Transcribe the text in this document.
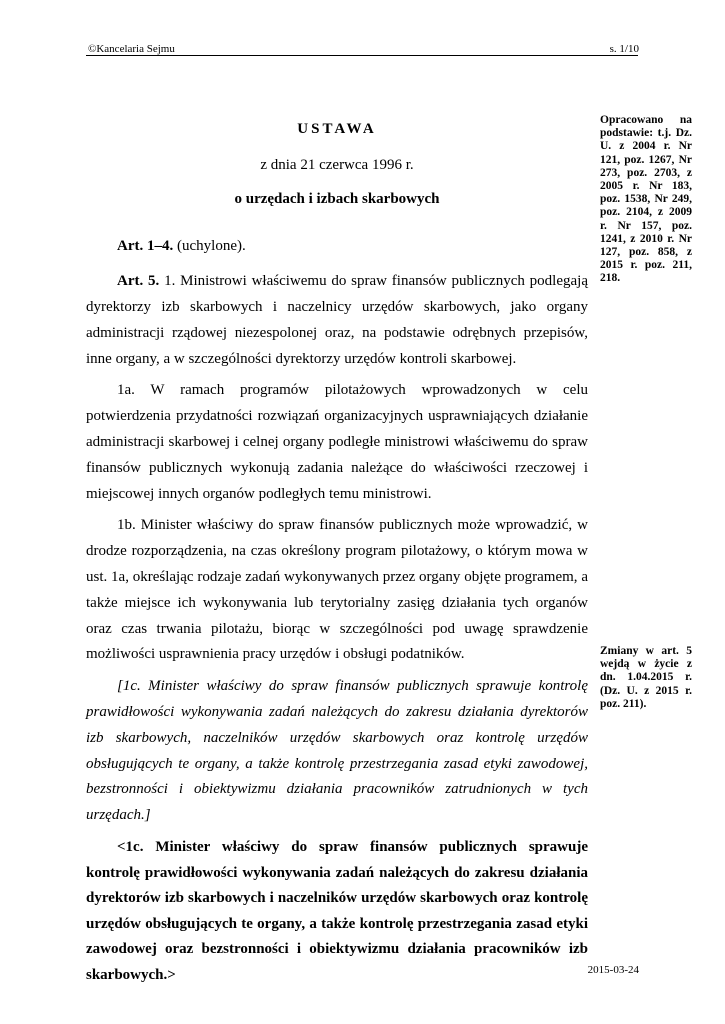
©Kancelaria Sejmu	s. 1/10

USTAWA

z dnia 21 czerwca 1996 r.

o urzędach i izbach skarbowych

Art. 1–4. (uchylone).

Art. 5. 1. Ministrowi właściwemu do spraw finansów publicznych podlegają dyrektorzy izb skarbowych i naczelnicy urzędów skarbowych, jako organy administracji rządowej niezespolonej oraz, na podstawie odrębnych przepisów, inne organy, a w szczególności dyrektorzy urzędów kontroli skarbowej.

1a. W ramach programów pilotażowych wprowadzonych w celu potwierdzenia przydatności rozwiązań organizacyjnych usprawniających działanie administracji skarbowej i celnej organy podległe ministrowi właściwemu do spraw finansów publicznych wykonują zadania należące do właściwości rzeczowej i miejscowej innych organów podległych temu ministrowi.

1b. Minister właściwy do spraw finansów publicznych może wprowadzić, w drodze rozporządzenia, na czas określony program pilotażowy, o którym mowa w ust. 1a, określając rodzaje zadań wykonywanych przez organy objęte programem, a także miejsce ich wykonywania lub terytorialny zasięg działania tych organów oraz czas trwania pilotażu, biorąc w szczególności pod uwagę sprawdzenie możliwości usprawnienia pracy urzędów i obsługi podatników.

[1c. Minister właściwy do spraw finansów publicznych sprawuje kontrolę prawidłowości wykonywania zadań należących do zakresu działania dyrektorów izb skarbowych, naczelników urzędów skarbowych oraz kontrolę urzędów obsługujących te organy, a także kontrolę przestrzegania zasad etyki zawodowej, bezstronności i obiektywizmu działania pracowników zatrudnionych w tych urzędach.]

<1c. Minister właściwy do spraw finansów publicznych sprawuje kontrolę prawidłowości wykonywania zadań należących do zakresu działania dyrektorów izb skarbowych i naczelników urzędów skarbowych oraz kontrolę urzędów obsługujących te organy, a także kontrolę przestrzegania zasad etyki zawodowej oraz bezstronności i obiektywizmu działania pracowników izb skarbowych.>

Opracowano na podstawie: t.j. Dz. U. z 2004 r. Nr 121, poz. 1267, Nr 273, poz. 2703, z 2005 r. Nr 183, poz. 1538, Nr 249, poz. 2104, z 2009 r. Nr 157, poz. 1241, z 2010 r. Nr 127, poz. 858, z 2015 r. poz. 211, 218.
Zmiany w art. 5 wejdą w życie z dn. 1.04.2015 r. (Dz. U. z 2015 r. poz. 211).
2015-03-24
